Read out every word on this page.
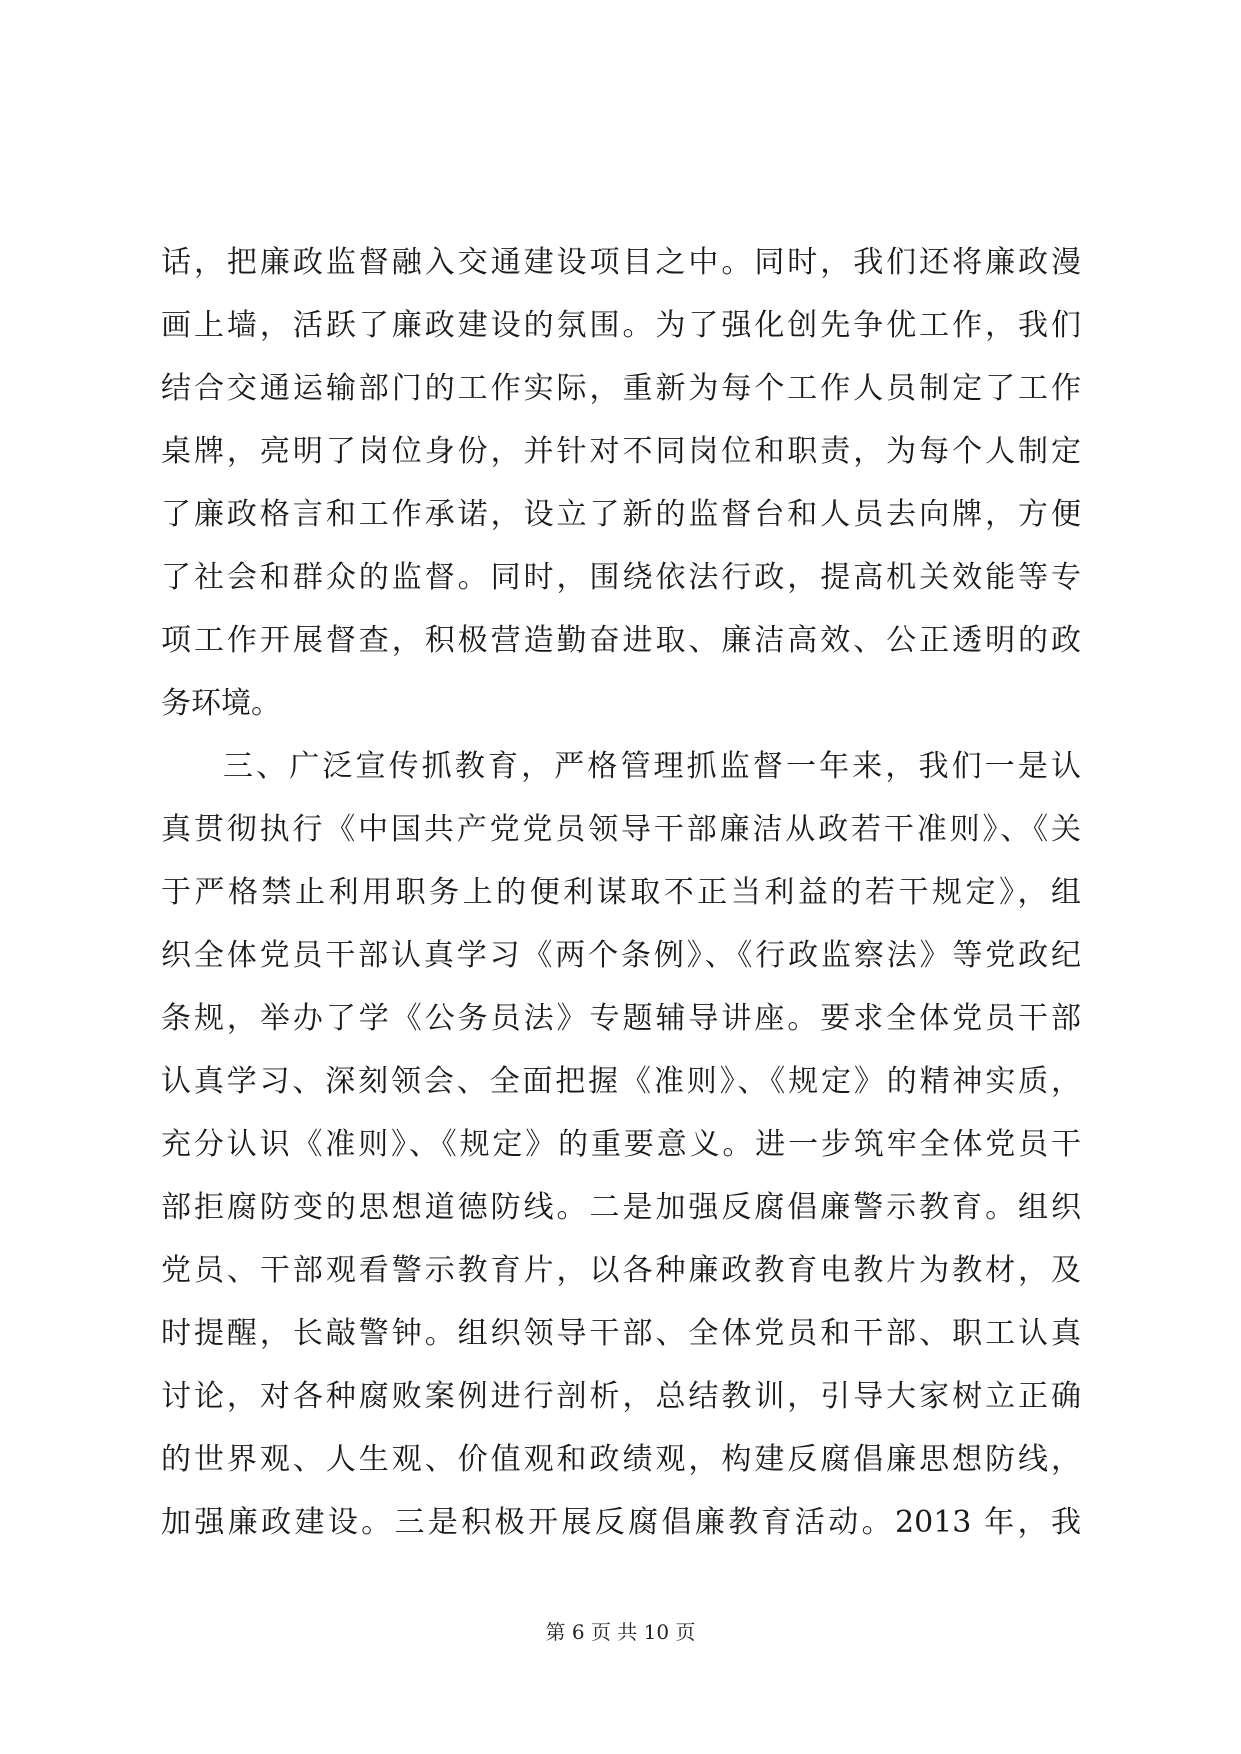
话，把廉政监督融入交通建设项目之中。同时，我们还将廉政漫
画上墙，活跃了廉政建设的氛围。为了强化创先争优工作，我们
结合交通运输部门的工作实际，重新为每个工作人员制定了工作
桌牌，亮明了岗位身份，并针对不同岗位和职责，为每个人制定
了廉政格言和工作承诺，设立了新的监督台和人员去向牌，方便
了社会和群众的监督。同时，围绕依法行政，提高机关效能等专
项工作开展督查，积极营造勤奋进取、廉洁高效、公正透明的政
务环境。
三、广泛宣传抓教育，严格管理抓监督一年来，我们一是认
真贯彻执行《中国共产党党员领导干部廉洁从政若干准则》、《关
于严格禁止利用职务上的便利谋取不正当利益的若干规定》，组
织全体党员干部认真学习《两个条例》、《行政监察法》等党政纪
条规，举办了学《公务员法》专题辅导讲座。要求全体党员干部
认真学习、深刻领会、全面把握《准则》、《规定》的精神实质，
充分认识《准则》、《规定》的重要意义。进一步筑牢全体党员干
部拒腐防变的思想道德防线。二是加强反腐倡廉警示教育。组织
党员、干部观看警示教育片，以各种廉政教育电教片为教材，及
时提醒，长敲警钟。组织领导干部、全体党员和干部、职工认真
讨论，对各种腐败案例进行剖析，总结教训，引导大家树立正确
的世界观、人生观、价值观和政绩观，构建反腐倡廉思想防线，
加强廉政建设。三是积极开展反腐倡廉教育活动。2013 年，我
第 6 页 共 10 页
